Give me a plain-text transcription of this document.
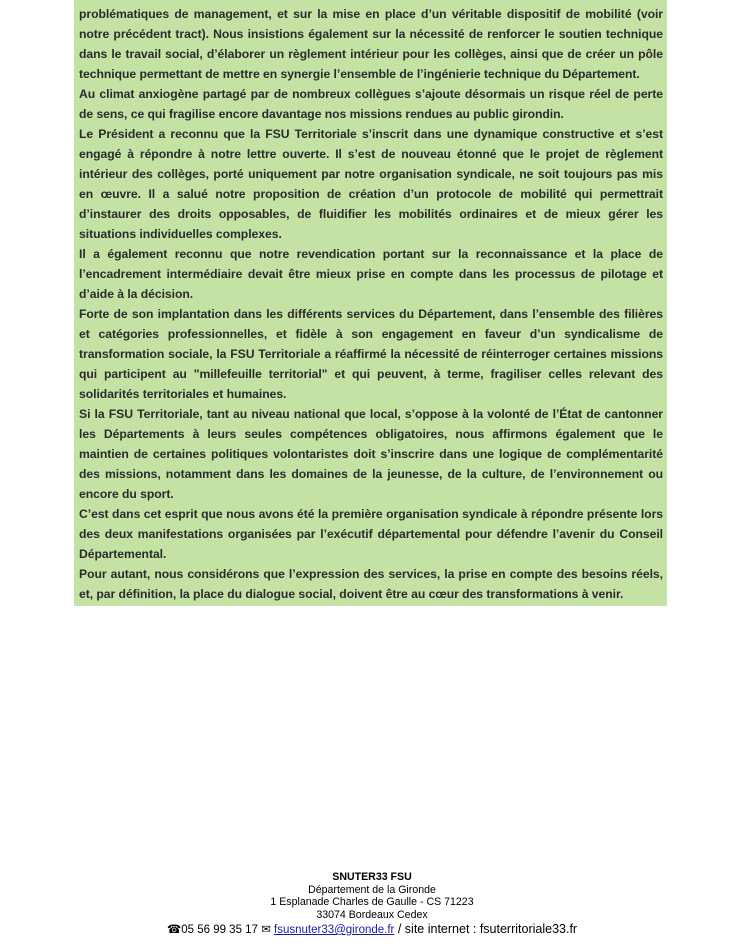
problématiques de management, et sur la mise en place d’un véritable dispositif de mobilité (voir notre précédent tract). Nous insistions également sur la nécessité de renforcer le soutien technique dans le travail social, d’élaborer un règlement intérieur pour les collèges, ainsi que de créer un pôle technique permettant de mettre en synergie l’ensemble de l’ingénierie technique du Département.

Au climat anxiogène partagé par de nombreux collègues s’ajoute désormais un risque réel de perte de sens, ce qui fragilise encore davantage nos missions rendues au public girondin.

Le Président a reconnu que la FSU Territoriale s’inscrit dans une dynamique constructive et s’est engagé à répondre à notre lettre ouverte. Il s’est de nouveau étonné que le projet de règlement intérieur des collèges, porté uniquement par notre organisation syndicale, ne soit toujours pas mis en œuvre. Il a salué notre proposition de création d’un protocole de mobilité qui permettrait d’instaurer des droits opposables, de fluidifier les mobilités ordinaires et de mieux gérer les situations individuelles complexes.

Il a également reconnu que notre revendication portant sur la reconnaissance et la place de l’encadrement intermédiaire devait être mieux prise en compte dans les processus de pilotage et d’aide à la décision.

Forte de son implantation dans les différents services du Département, dans l’ensemble des filières et catégories professionnelles, et fidèle à son engagement en faveur d’un syndicalisme de transformation sociale, la FSU Territoriale a réaffirmé la nécessité de réinterroger certaines missions qui participent au "millefeuille territorial" et qui peuvent, à terme, fragiliser celles relevant des solidarités territoriales et humaines.

Si la FSU Territoriale, tant au niveau national que local, s’oppose à la volonté de l’État de cantonner les Départements à leurs seules compétences obligatoires, nous affirmons également que le maintien de certaines politiques volontaristes doit s’inscrire dans une logique de complémentarité des missions, notamment dans les domaines de la jeunesse, de la culture, de l’environnement ou encore du sport.

C’est dans cet esprit que nous avons été la première organisation syndicale à répondre présente lors des deux manifestations organisées par l’exécutif départemental pour défendre l’avenir du Conseil Départemental.

Pour autant, nous considérons que l’expression des services, la prise en compte des besoins réels, et, par définition, la place du dialogue social, doivent être au cœur des transformations à venir.

SNUTER33 FSU
Département de la Gironde
1 Esplanade Charles de Gaulle - CS 71223
33074 Bordeaux Cedex
☎05 56 99 35 17 ✉ fsusnuter33@gironde.fr / site internet : fsuterritoriale33.fr
